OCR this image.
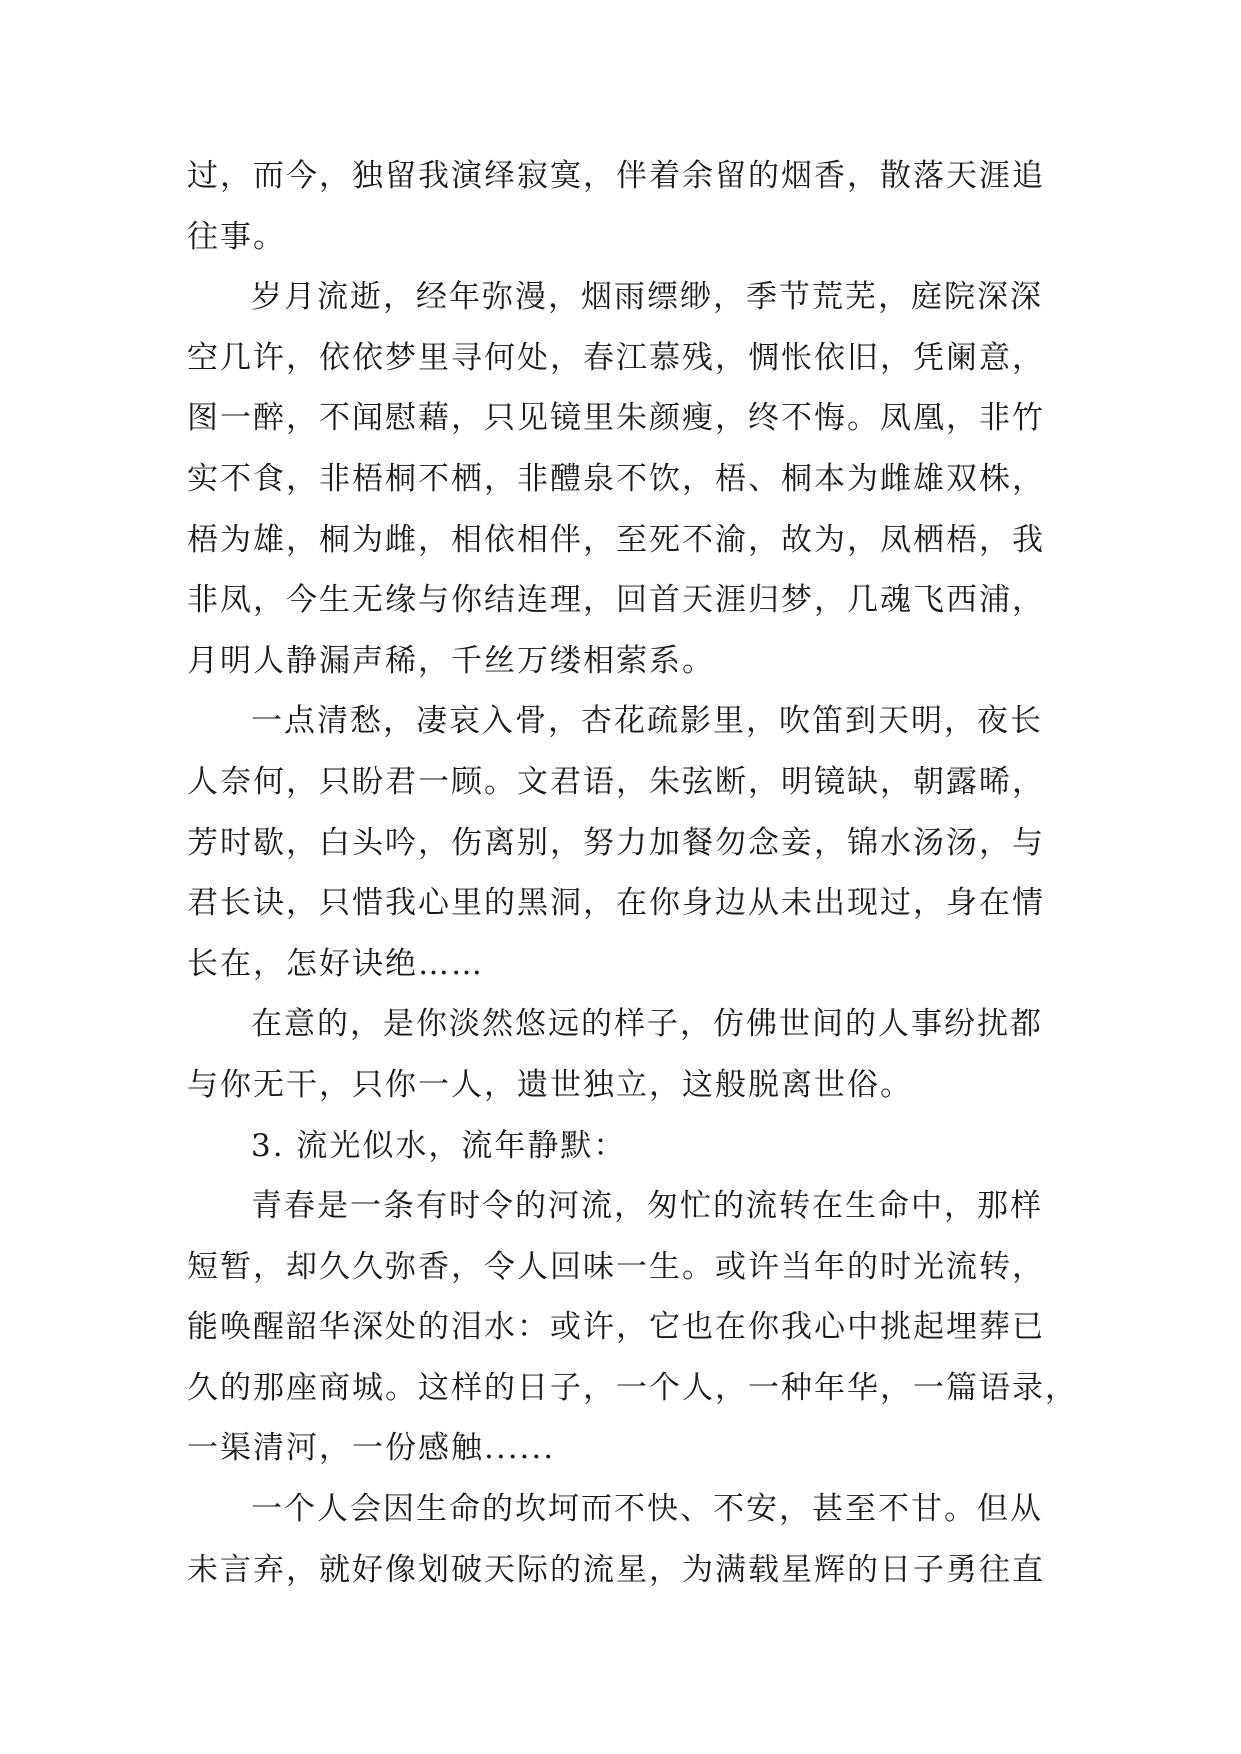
过，而今，独留我演绎寂寞，伴着余留的烟香，散落天涯追
往事。
岁月流逝，经年弥漫，烟雨缥缈，季节荒芜，庭院深深
空几许，依依梦里寻何处，春江慕残，惆怅依旧，凭阑意，
图一醉，不闻慰藉，只见镜里朱颜瘦，终不悔。凤凰，非竹
实不食，非梧桐不栖，非醴泉不饮，梧、桐本为雌雄双株，
梧为雄，桐为雌，相依相伴，至死不渝，故为，凤栖梧，我
非凤，今生无缘与你结连理，回首天涯归梦，几魂飞西浦，
月明人静漏声稀，千丝万缕相萦系。
一点清愁，凄哀入骨，杏花疏影里，吹笛到天明，夜长
人奈何，只盼君一顾。文君语，朱弦断，明镜缺，朝露晞，
芳时歇，白头吟，伤离别，努力加餐勿念妾，锦水汤汤，与
君长诀，只惜我心里的黑洞，在你身边从未出现过，身在情
长在，怎好诀绝……
在意的，是你淡然悠远的样子，仿佛世间的人事纷扰都
与你无干，只你一人，遗世独立，这般脱离世俗。
3. 流光似水，流年静默：
青春是一条有时令的河流，匆忙的流转在生命中，那样
短暂，却久久弥香，令人回味一生。或许当年的时光流转，
能唤醒韶华深处的泪水：或许，它也在你我心中挑起埋葬已
久的那座商城。这样的日子，一个人，一种年华，一篇语录，
一渠清河，一份感触......
一个人会因生命的坎坷而不快、不安，甚至不甘。但从
未言弃，就好像划破天际的流星，为满载星辉的日子勇往直
